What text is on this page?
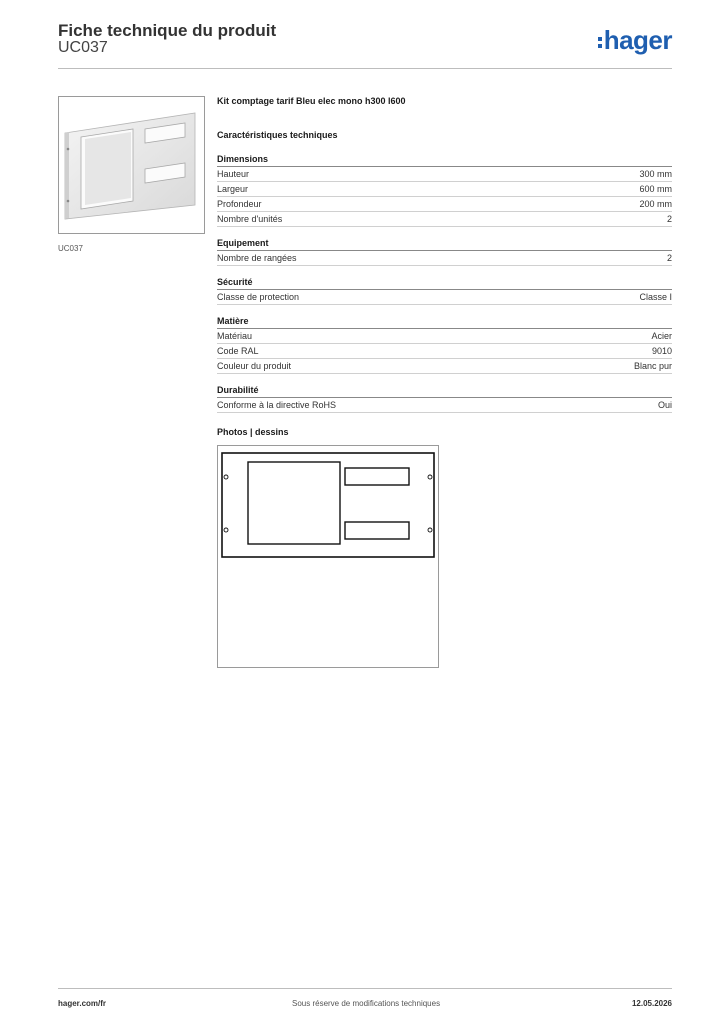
Fiche technique du produit
UC037	hager
UC037
Kit comptage tarif Bleu elec mono h300 l600
Caractéristiques techniques
Dimensions
Hauteur	300 mm
Largeur	600 mm
Profondeur	200 mm
Nombre d'unités	2
Equipement
Nombre de rangées	2
Sécurité
Classe de protection	Classe I
Matière
Matériau	Acier
Code RAL	9010
Couleur du produit	Blanc pur
Durabilité
Conforme à la directive RoHS	Oui
Photos | dessins
hager.com/fr	Sous réserve de modifications techniques	12.05.2026
